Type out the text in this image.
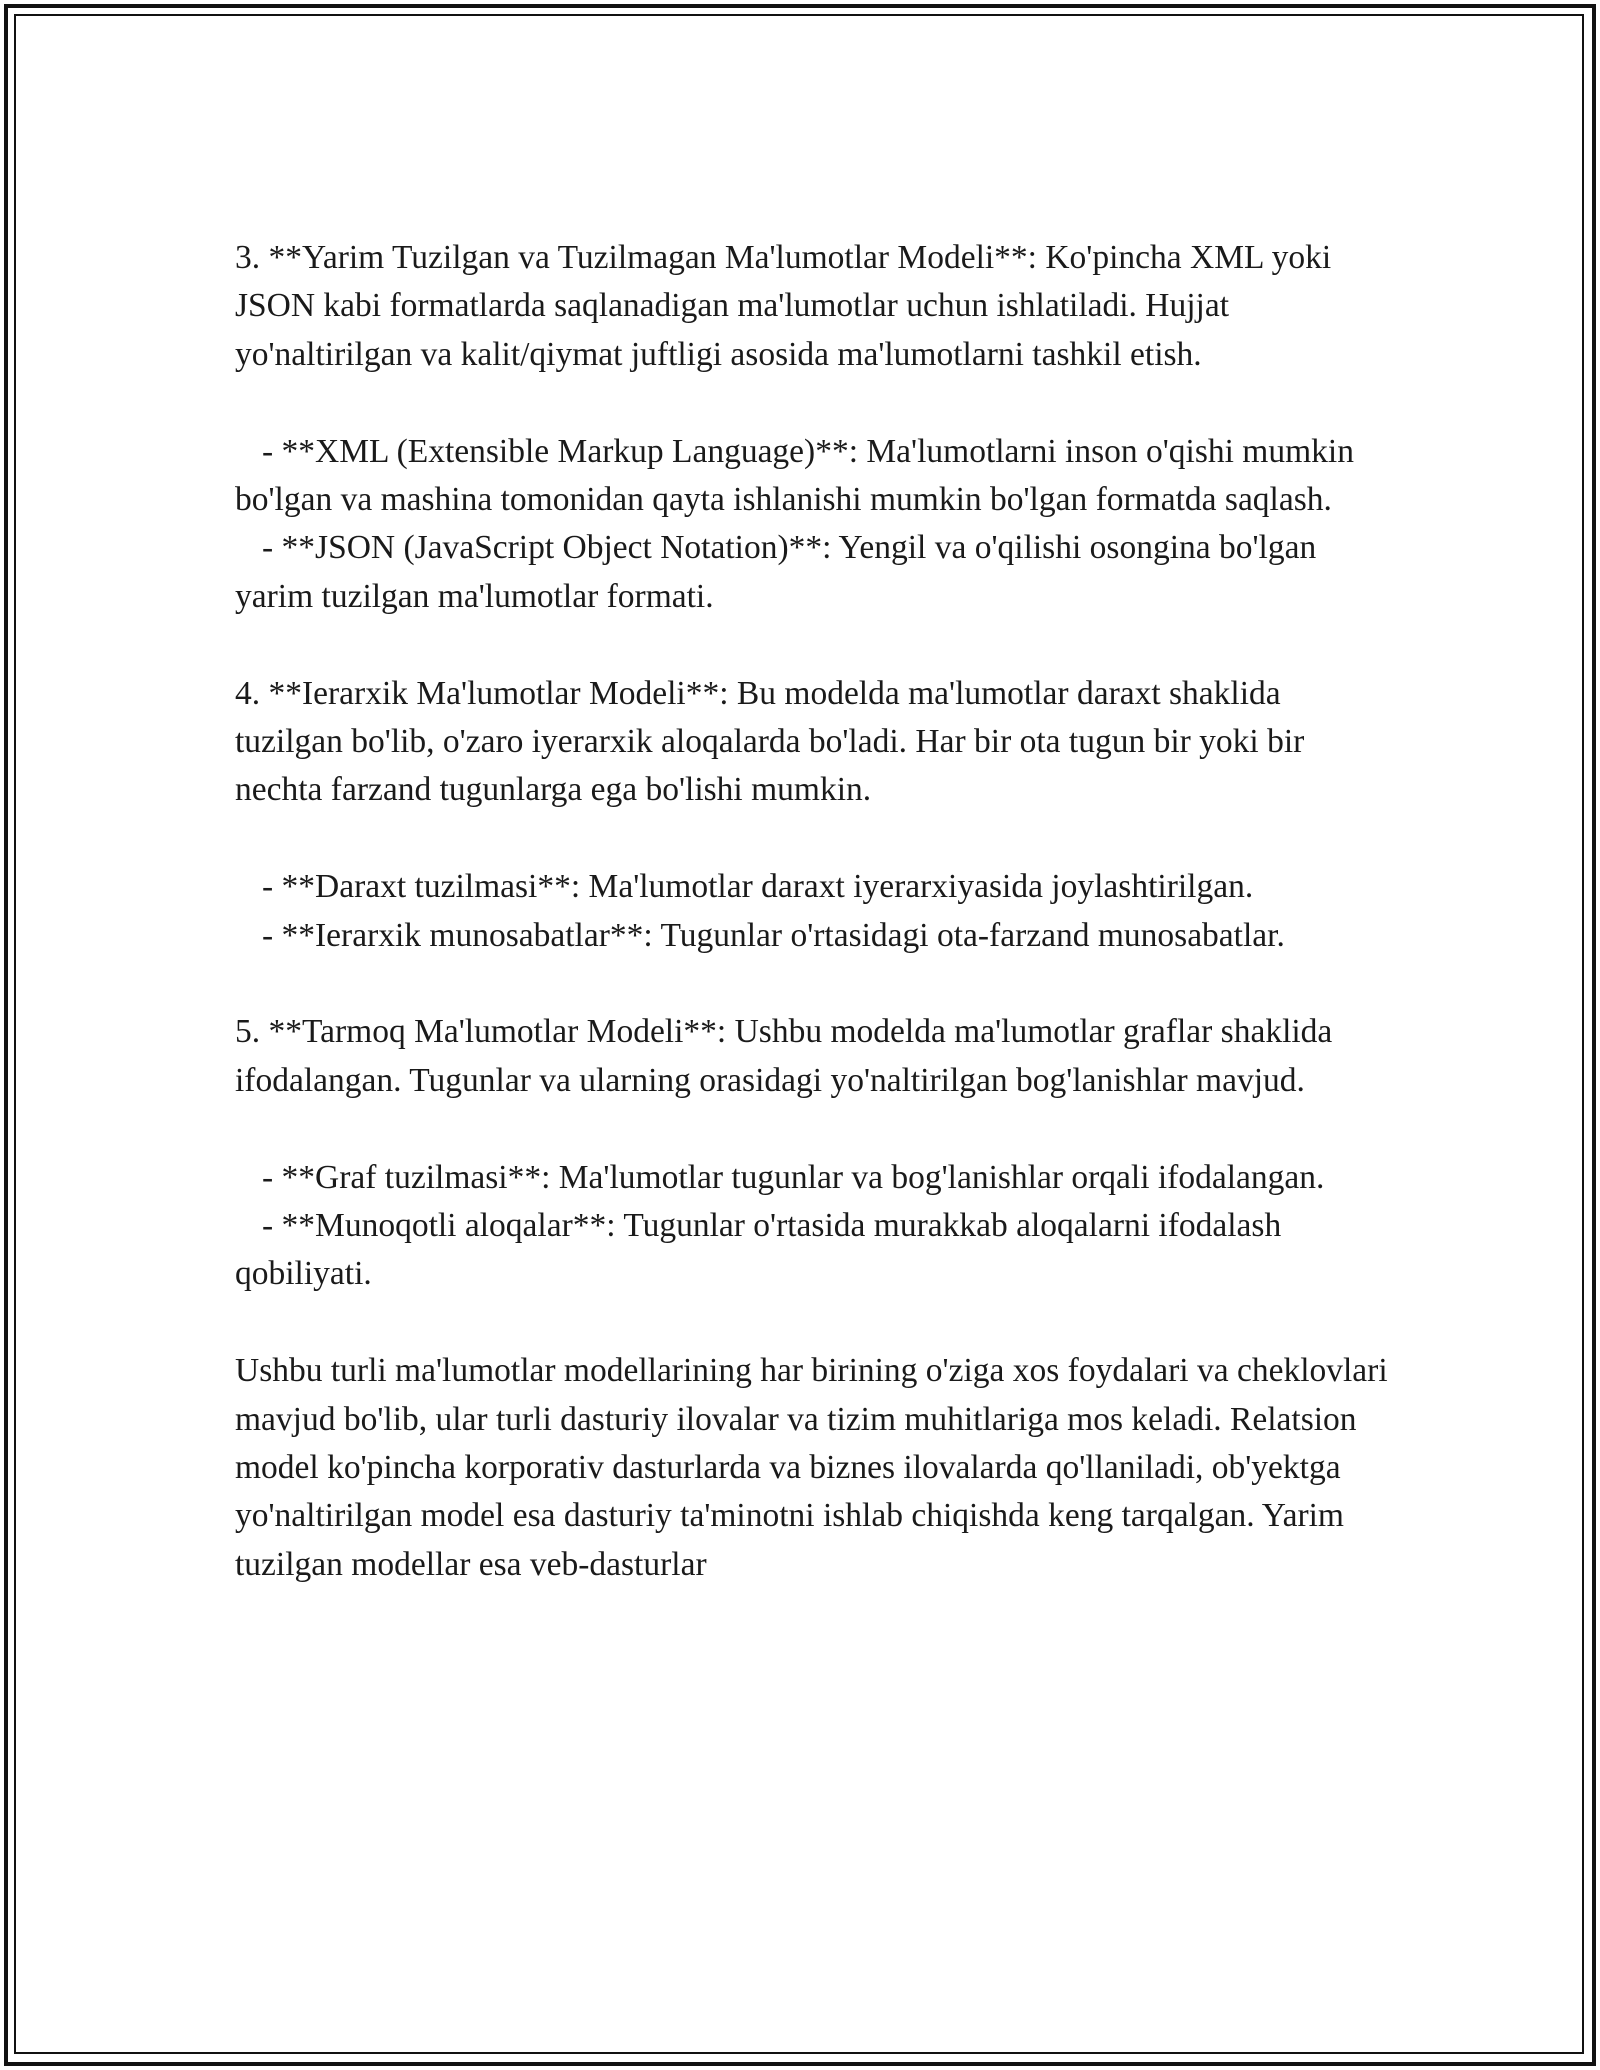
3. **Yarim Tuzilgan va Tuzilmagan Ma'lumotlar Modeli**: Ko'pincha XML yoki JSON kabi formatlarda saqlanadigan ma'lumotlar uchun ishlatiladi. Hujjat yo'naltirilgan va kalit/qiymat juftligi asosida ma'lumotlarni tashkil etish.

- **XML (Extensible Markup Language)**: Ma'lumotlarni inson o'qishi mumkin bo'lgan va mashina tomonidan qayta ishlanishi mumkin bo'lgan formatda saqlash.

- **JSON (JavaScript Object Notation)**: Yengil va o'qilishi osongina bo'lgan yarim tuzilgan ma'lumotlar formati.

4. **Ierarxik Ma'lumotlar Modeli**: Bu modelda ma'lumotlar daraxt shaklida tuzilgan bo'lib, o'zaro iyerarxik aloqalarda bo'ladi. Har bir ota tugun bir yoki bir nechta farzand tugunlarga ega bo'lishi mumkin.

- **Daraxt tuzilmasi**: Ma'lumotlar daraxt iyerarxiyasida joylashtirilgan.

- **Ierarxik munosabatlar**: Tugunlar o'rtasidagi ota-farzand munosabatlar.

5. **Tarmoq Ma'lumotlar Modeli**: Ushbu modelda ma'lumotlar graflar shaklida ifodalangan. Tugunlar va ularning orasidagi yo'naltirilgan bog'lanishlar mavjud.

- **Graf tuzilmasi**: Ma'lumotlar tugunlar va bog'lanishlar orqali ifodalangan.

- **Munoqotli aloqalar**: Tugunlar o'rtasida murakkab aloqalarni ifodalash qobiliyati.

Ushbu turli ma'lumotlar modellarining har birining o'ziga xos foydalari va cheklovlari mavjud bo'lib, ular turli dasturiy ilovalar va tizim muhitlariga mos keladi. Relatsion model ko'pincha korporativ dasturlarda va biznes ilovalarda qo'llaniladi, ob'yektga yo'naltirilgan model esa dasturiy ta'minotni ishlab chiqishda keng tarqalgan. Yarim tuzilgan modellar esa veb-dasturlar
